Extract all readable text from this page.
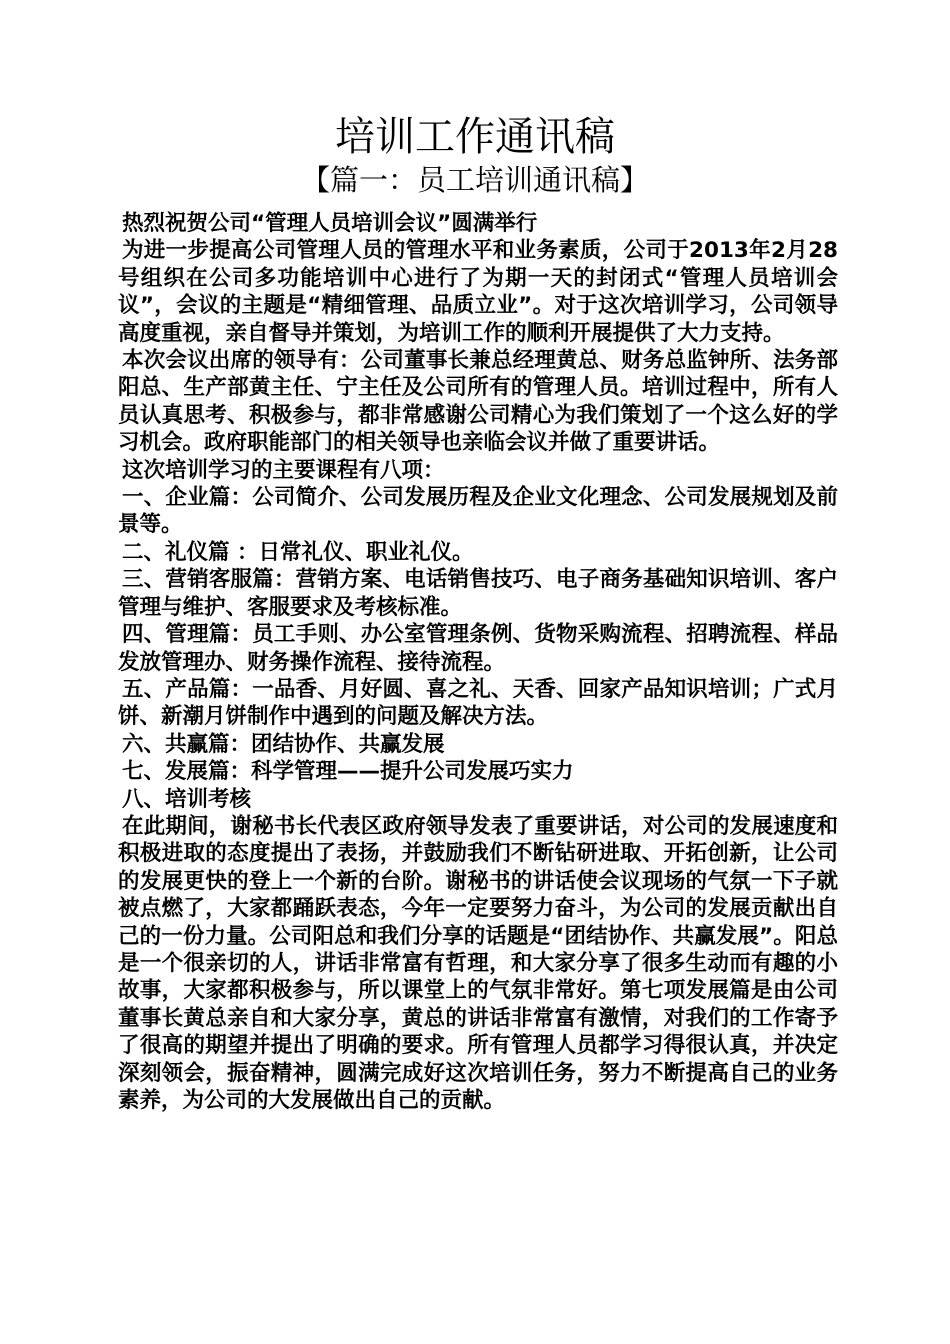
培训工作通讯稿
【篇一：员工培训通讯稿】

热烈祝贺公司“管理人员培训会议”圆满举行

为进一步提高公司管理人员的管理水平和业务素质，公司于2013年2月28号组织在公司多功能培训中心进行了为期一天的封闭式“管理人员培训会议”，会议的主题是“精细管理、品质立业”。对于这次培训学习，公司领导高度重视，亲自督导并策划，为培训工作的顺利开展提供了大力支持。

本次会议出席的领导有：公司董事长兼总经理黄总、财务总监钟所、法务部阳总、生产部黄主任、宁主任及公司所有的管理人员。培训过程中，所有人员认真思考、积极参与，都非常感谢公司精心为我们策划了一个这么好的学习机会。政府职能部门的相关领导也亲临会议并做了重要讲话。

这次培训学习的主要课程有八项：

一、企业篇：公司简介、公司发展历程及企业文化理念、公司发展规划及前景等。

二、礼仪篇 ：日常礼仪、职业礼仪。

三、营销客服篇：营销方案、电话销售技巧、电子商务基础知识培训、客户管理与维护、客服要求及考核标准。

四、管理篇：员工手则、办公室管理条例、货物采购流程、招聘流程、样品发放管理办、财务操作流程、接待流程。

五、产品篇：一品香、月好圆、喜之礼、天香、回家产品知识培训；广式月饼、新潮月饼制作中遇到的问题及解决方法。

六、共赢篇：团结协作、共赢发展

七、发展篇：科学管理——提升公司发展巧实力

八、培训考核

在此期间，谢秘书长代表区政府领导发表了重要讲话，对公司的发展速度和积极进取的态度提出了表扬，并鼓励我们不断钻研进取、开拓创新，让公司的发展更快的登上一个新的台阶。谢秘书的讲话使会议现场的气氛一下子就被点燃了，大家都踊跃表态，今年一定要努力奋斗，为公司的发展贡献出自己的一份力量。公司阳总和我们分享的话题是“团结协作、共赢发展”。阳总是一个很亲切的人，讲话非常富有哲理，和大家分享了很多生动而有趣的小故事，大家都积极参与，所以课堂上的气氛非常好。第七项发展篇是由公司董事长黄总亲自和大家分享，黄总的讲话非常富有激情，对我们的工作寄予了很高的期望并提出了明确的要求。所有管理人员都学习得很认真，并决定深刻领会，振奋精神，圆满完成好这次培训任务，努力不断提高自己的业务素养，为公司的大发展做出自己的贡献。
